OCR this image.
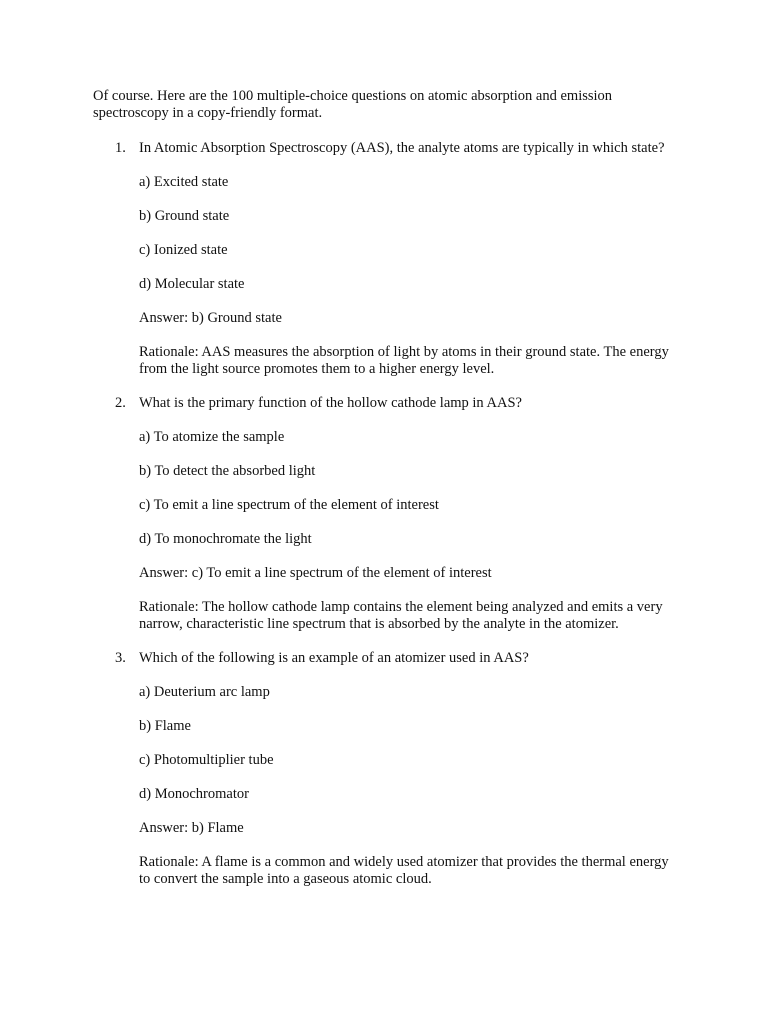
Of course. Here are the 100 multiple-choice questions on atomic absorption and emission spectroscopy in a copy-friendly format.

1. In Atomic Absorption Spectroscopy (AAS), the analyte atoms are typically in which state?

a) Excited state

b) Ground state

c) Ionized state

d) Molecular state

Answer: b) Ground state

Rationale: AAS measures the absorption of light by atoms in their ground state. The energy from the light source promotes them to a higher energy level.

2. What is the primary function of the hollow cathode lamp in AAS?

a) To atomize the sample

b) To detect the absorbed light

c) To emit a line spectrum of the element of interest

d) To monochromate the light

Answer: c) To emit a line spectrum of the element of interest

Rationale: The hollow cathode lamp contains the element being analyzed and emits a very narrow, characteristic line spectrum that is absorbed by the analyte in the atomizer.

3. Which of the following is an example of an atomizer used in AAS?

a) Deuterium arc lamp

b) Flame

c) Photomultiplier tube

d) Monochromator

Answer: b) Flame

Rationale: A flame is a common and widely used atomizer that provides the thermal energy to convert the sample into a gaseous atomic cloud.
